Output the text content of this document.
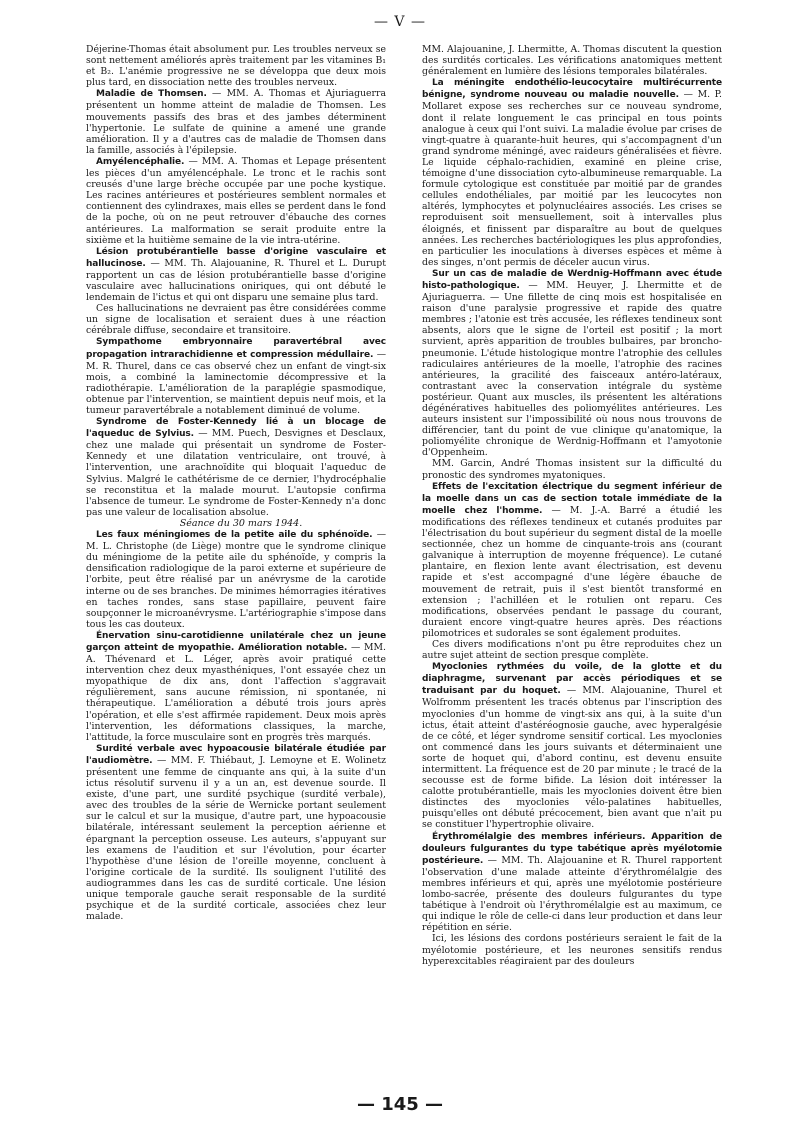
— V —

Déjerine-Thomas était absolument pur. Les troubles nerveux se sont nettement améliorés après traitement par les vitamines B₁ et B₂. L'anémie progressive ne se développa que deux mois plus tard, en dissociation nette des troubles nerveux.

Maladie de Thomsen. — MM. A. Thomas et Ajuriaguerra présentent un homme atteint de maladie de Thomsen. Les mouvements passifs des bras et des jambes déterminent l'hypertonie. Le sulfate de quinine a amené une grande amélioration. Il y a d'autres cas de maladie de Thomsen dans la famille, associés à l'épilepsie.

Amyélencéphalie. — MM. A. Thomas et Lepage présentent les pièces d'un amyélencéphale. Le tronc et le rachis sont creusés d'une large brèche occupée par une poche kystique. Les racines antérieures et postérieures semblent normales et contiennent des cylindraxes, mais elles se perdent dans le fond de la poche, où on ne peut retrouver d'ébauche des cornes antérieures. La malformation se serait produite entre la sixième et la huitième semaine de la vie intra-utérine.

Lésion protubérantielle basse d'origine vasculaire et hallucinose. — MM. Th. Alajouanine, R. Thurel et L. Durupt rapportent un cas de lésion protubérantielle basse d'origine vasculaire avec hallucinations oniriques, qui ont débuté le lendemain de l'ictus et qui ont disparu une semaine plus tard.

Ces hallucinations ne devraient pas être considérées comme un signe de localisation et seraient dues à une réaction cérébrale diffuse, secondaire et transitoire.

Sympathome embryonnaire paravertébral avec propagation intrarachidienne et compression médullaire. — M. R. Thurel, dans ce cas observé chez un enfant de vingt-six mois, a combiné la laminectomie décompressive et la radiothérapie. L'amélioration de la paraplégie spasmodique, obtenue par l'intervention, se maintient depuis neuf mois, et la tumeur paravertébrale a notablement diminué de volume.

Syndrome de Foster-Kennedy lié à un blocage de l'aqueduc de Sylvius. — MM. Puech, Desvignes et Desclaux, chez une malade qui présentait un syndrome de Foster-Kennedy et une dilatation ventriculaire, ont trouvé, à l'intervention, une arachnoïdite qui bloquait l'aqueduc de Sylvius. Malgré le cathétérisme de ce dernier, l'hydrocéphalie se reconstitua et la malade mourut. L'autopsie confirma l'absence de tumeur. Le syndrome de Foster-Kennedy n'a donc pas une valeur de localisation absolue.

Séance du 30 mars 1944.

Les faux méningiomes de la petite aile du sphénoïde. — M. L. Christophe (de Liège) montre que le syndrome clinique du méningiome de la petite aile du sphénoïde, y compris la densification radiologique de la paroi externe et supérieure de l'orbite, peut être réalisé par un anévrysme de la carotide interne ou de ses branches. De minimes hémorragies itératives en taches rondes, sans stase papillaire, peuvent faire soupçonner le microanévrysme. L'artériographie s'impose dans tous les cas douteux.

Énervation sinu-carotidienne unilatérale chez un jeune garçon atteint de myopathie. Amélioration notable. — MM. A. Thévenard et L. Léger, après avoir pratiqué cette intervention chez deux myasthéniques, l'ont essayée chez un myopathique de dix ans, dont l'affection s'aggravait régulièrement, sans aucune rémission, ni spontanée, ni thérapeutique. L'amélioration a débuté trois jours après l'opération, et elle s'est affirmée rapidement. Deux mois après l'intervention, les déformations classiques, la marche, l'attitude, la force musculaire sont en progrès très marqués.

Surdité verbale avec hypoacousie bilatérale étudiée par l'audiomètre. — MM. F. Thiébaut, J. Lemoyne et E. Wolinetz présentent une femme de cinquante ans qui, à la suite d'un ictus résolutif survenu il y a un an, est devenue sourde. Il existe, d'une part, une surdité psychique (surdité verbale), avec des troubles de la série de Wernicke portant seulement sur le calcul et sur la musique, d'autre part, une hypoacousie bilatérale, intéressant seulement la perception aérienne et épargnant la perception osseuse. Les auteurs, s'appuyant sur les examens de l'audition et sur l'évolution, pour écarter l'hypothèse d'une lésion de l'oreille moyenne, concluent à l'origine corticale de la surdité. Ils soulignent l'utilité des audiogrammes dans les cas de surdité corticale. Une lésion unique temporale gauche serait responsable de la surdité psychique et de la surdité corticale, associées chez leur malade.

MM. Alajouanine, J. Lhermitte, A. Thomas discutent la question des surdités corticales. Les vérifications anatomiques mettent généralement en lumière des lésions temporales bilatérales.

La méningite endothélio-leucocytaire multirécurrente bénigne, syndrome nouveau ou maladie nouvelle. — M. P. Mollaret expose ses recherches sur ce nouveau syndrome, dont il relate longuement le cas principal en tous points analogue à ceux qui l'ont suivi. La maladie évolue par crises de vingt-quatre à quarante-huit heures, qui s'accompagnent d'un grand syndrome méningé, avec raideurs généralisées et fièvre. Le liquide céphalo-rachidien, examiné en pleine crise, témoigne d'une dissociation cyto-albumineuse remarquable. La formule cytologique est constituée par moitié par de grandes cellules endothéliales, par moitié par les leucocytes non altérés, lymphocytes et polynucléaires associés. Les crises se reproduisent soit mensuellement, soit à intervalles plus éloignés, et finissent par disparaître au bout de quelques années. Les recherches bactériologiques les plus approfondies, en particulier les inoculations à diverses espèces et même à des singes, n'ont permis de déceler aucun virus.

Sur un cas de maladie de Werdnig-Hoffmann avec étude histo-pathologique. — MM. Heuyer, J. Lhermitte et de Ajuriaguerra. — Une fillette de cinq mois est hospitalisée en raison d'une paralysie progressive et rapide des quatre membres ; l'atonie est très accusée, les réflexes tendineux sont absents, alors que le signe de l'orteil est positif ; la mort survient, après apparition de troubles bulbaires, par broncho-pneumonie. L'étude histologique montre l'atrophie des cellules radiculaires antérieures de la moelle, l'atrophie des racines antérieures, la gracilité des faisceaux antéro-latéraux, contrastant avec la conservation intégrale du système postérieur. Quant aux muscles, ils présentent les altérations dégénératives habituelles des poliomyélites antérieures. Les auteurs insistent sur l'impossibilité où nous nous trouvons de différencier, tant du point de vue clinique qu'anatomique, la poliomyélite chronique de Werdnig-Hoffmann et l'amyotonie d'Oppenheim.

MM. Garcin, André Thomas insistent sur la difficulté du pronostic des syndromes myatoniques.

Effets de l'excitation électrique du segment inférieur de la moelle dans un cas de section totale immédiate de la moelle chez l'homme. — M. J.-A. Barré a étudié les modifications des réflexes tendineux et cutanés produites par l'électrisation du bout supérieur du segment distal de la moelle sectionnée, chez un homme de cinquante-trois ans (courant galvanique à interruption de moyenne fréquence). Le cutané plantaire, en flexion lente avant électrisation, est devenu rapide et s'est accompagné d'une légère ébauche de mouvement de retrait, puis il s'est bientôt transformé en extension ; l'achilléen et le rotulien ont reparu. Ces modifications, observées pendant le passage du courant, duraient encore vingt-quatre heures après. Des réactions pilomotrices et sudorales se sont également produites.

Ces divers modifications n'ont pu être reproduites chez un autre sujet atteint de section presque complète.

Myoclonies rythmées du voile, de la glotte et du diaphragme, survenant par accès périodiques et se traduisant par du hoquet. — MM. Alajouanine, Thurel et Wolfromm présentent les tracés obtenus par l'inscription des myoclonies d'un homme de vingt-six ans qui, à la suite d'un ictus, était atteint d'astéréognosie gauche, avec hyperalgésie de ce côté, et léger syndrome sensitif cortical. Les myoclonies ont commencé dans les jours suivants et déterminaient une sorte de hoquet qui, d'abord continu, est devenu ensuite intermittent. La fréquence est de 20 par minute ; le tracé de la secousse est de forme bifide. La lésion doit intéresser la calotte protubérantielle, mais les myoclonies doivent être bien distinctes des myoclonies vélo-palatines habituelles, puisqu'elles ont débuté précocement, bien avant que n'ait pu se constituer l'hypertrophie olivaire.

Érythromélalgie des membres inférieurs. Apparition de douleurs fulgurantes du type tabétique après myélotomie postérieure. — MM. Th. Alajouanine et R. Thurel rapportent l'observation d'une malade atteinte d'érythromélalgie des membres inférieurs et qui, après une myélotomie postérieure lombo-sacrée, présente des douleurs fulgurantes du type tabétique à l'endroit où l'érythromélalgie est au maximum, ce qui indique le rôle de celle-ci dans leur production et dans leur répétition en série.

Ici, les lésions des cordons postérieurs seraient le fait de la myélotomie postérieure, et les neurones sensitifs rendus hyperexcitables réagiraient par des douleurs

— 145 —
